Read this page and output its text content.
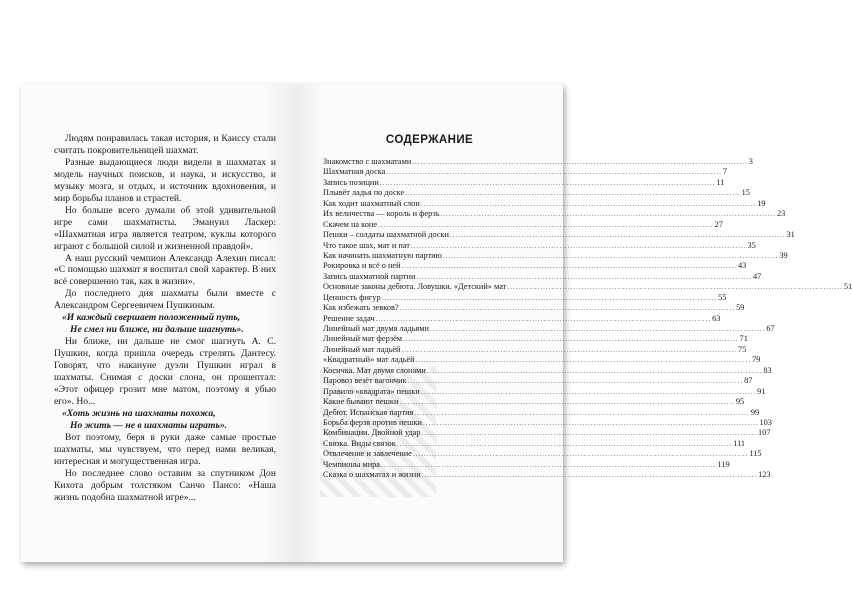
Людям понравилась такая история, и Каиссу стали считать покровительницей шахмат.

Разные выдающиеся люди видели в шахматах и модель научных поисков, и наука, и искусство, и музыку мозга, и отдых, и источник вдохновения, и мир борьбы планов и страстей.

Но больше всего думали об этой удивительной игре сами шахматисты. Эмануил Ласкер: «Шахматная игра является театром, куклы которого играют с большой силой и жизненной правдой».

А наш русский чемпион Александр Алехин писал: «С помощью шахмат я воспитал свой характер. В них всё совершенно так, как в жизни».

До последнего дня шахматы были вместе с Александром Сергеевичем Пушкиным.

«И каждый свершает положенный путь,
Не смел ни ближе, ни дальше шагнуть».

Ни ближе, ни дальше не смог шагнуть А. С. Пушкин, когда пришла очередь стрелять Дантесу. Говорят, что накануне дуэли Пушкин играл в шахматы. Снимая с доски слона, он прошептал: «Этот офицер грозит мне матом, поэтому я убью его». Но...

«Хоть жизнь на шахматы похожа,
Но жить — не в шахматы играть».

Вот поэтому, беря в руки даже самые простые шахматы, мы чувствуем, что перед нами великая, интересная и могущественная игра.

Но последнее слово оставим за спутником Дон Кихота добрым толстяком Санчо Пансо: «Наша жизнь подобна шахматной игре»...

СОДЕРЖАНИЕ
Знакомство с шахматами .....	3
Шахматная доска .....	7
Запись позиции .....	11
Плывёт ладья по доске .....	15
Как ходит шахматный слон .....	19
Их величества — король и ферзь .....	23
Скачем на коне .....	27
Пешки – солдаты шахматной доски .....	31
Что такое шах, мат и пат .....	35
Как начинать шахматную партию .....	39
Рокировка и всё о ней .....	43
Запись шахматной партии .....	47
Основные законы дебюта. Ловушки. «Детский» мат .....	51
Ценность фигур .....	55
Как избежать зевков? .....	59
Решение задач .....	63
Линейный мат двумя ладьями .....	67
Линейный мат ферзём .....	71
Линейный мат ладьёй .....	75
«Квадратный» мат ладьёй .....	79
Косичка. Мат двумя слонами .....	83
Паровоз везёт вагончик .....	87
Правило «квадрата» пешки .....	91
Какие бывают пешки .....	95
Дебют. Испанская партия .....	99
Борьба ферзя против пешки .....	103
Комбинации. Двойной удар .....	107
Связка. Виды связок .....	111
Отвлечение и завлечение .....	115
Чемпионы мира .....	119
Сказка о шахматах и жизни .....	123
